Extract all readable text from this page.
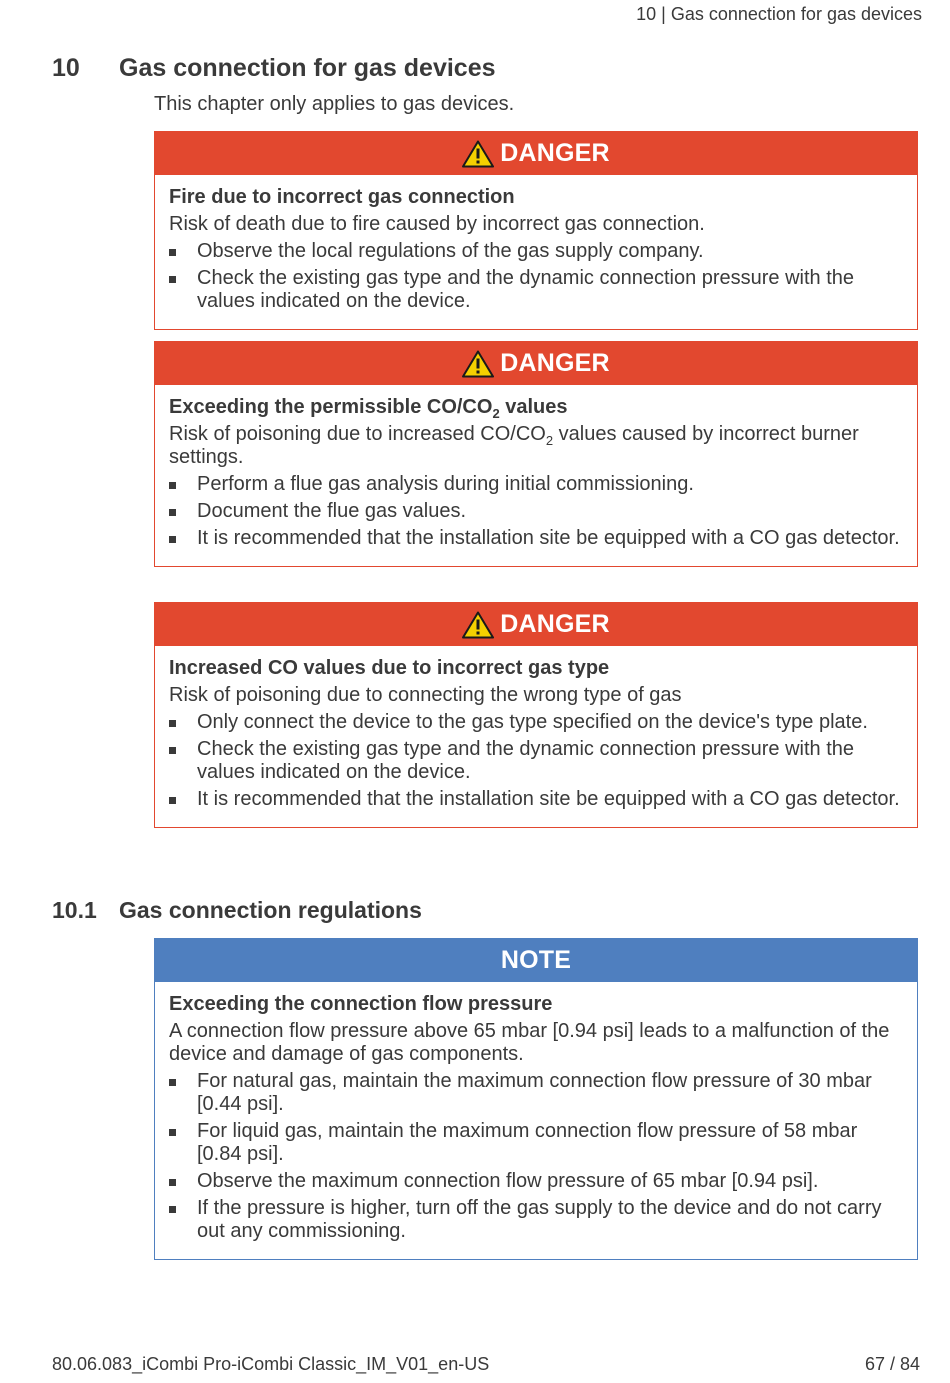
10 | Gas connection for gas devices
10 Gas connection for gas devices
This chapter only applies to gas devices.
DANGER
Fire due to incorrect gas connection
Risk of death due to fire caused by incorrect gas connection.
Observe the local regulations of the gas supply company.
Check the existing gas type and the dynamic connection pressure with the values indicated on the device.
DANGER
Exceeding the permissible $CO/CO_2$ values
Risk of poisoning due to increased $CO/CO_2$ values caused by incorrect burner settings.
Perform a flue gas analysis during initial commissioning.
Document the flue gas values.
It is recommended that the installation site be equipped with a CO gas detector.
DANGER
Increased CO values due to incorrect gas type
Risk of poisoning due to connecting the wrong type of gas
Only connect the device to the gas type specified on the device's type plate.
Check the existing gas type and the dynamic connection pressure with the values indicated on the device.
It is recommended that the installation site be equipped with a CO gas detector.
10.1 Gas connection regulations
NOTE
Exceeding the connection flow pressure
A connection flow pressure above 65 mbar [0.94 psi] leads to a malfunction of the device and damage of gas components.
For natural gas, maintain the maximum connection flow pressure of 30 mbar [0.44 psi].
For liquid gas, maintain the maximum connection flow pressure of 58 mbar [0.84 psi].
Observe the maximum connection flow pressure of 65 mbar [0.94 psi].
If the pressure is higher, turn off the gas supply to the device and do not carry out any commissioning.
80.06.083_iCombi Pro-iCombi Classic_IM_V01_en-US	67 / 84
